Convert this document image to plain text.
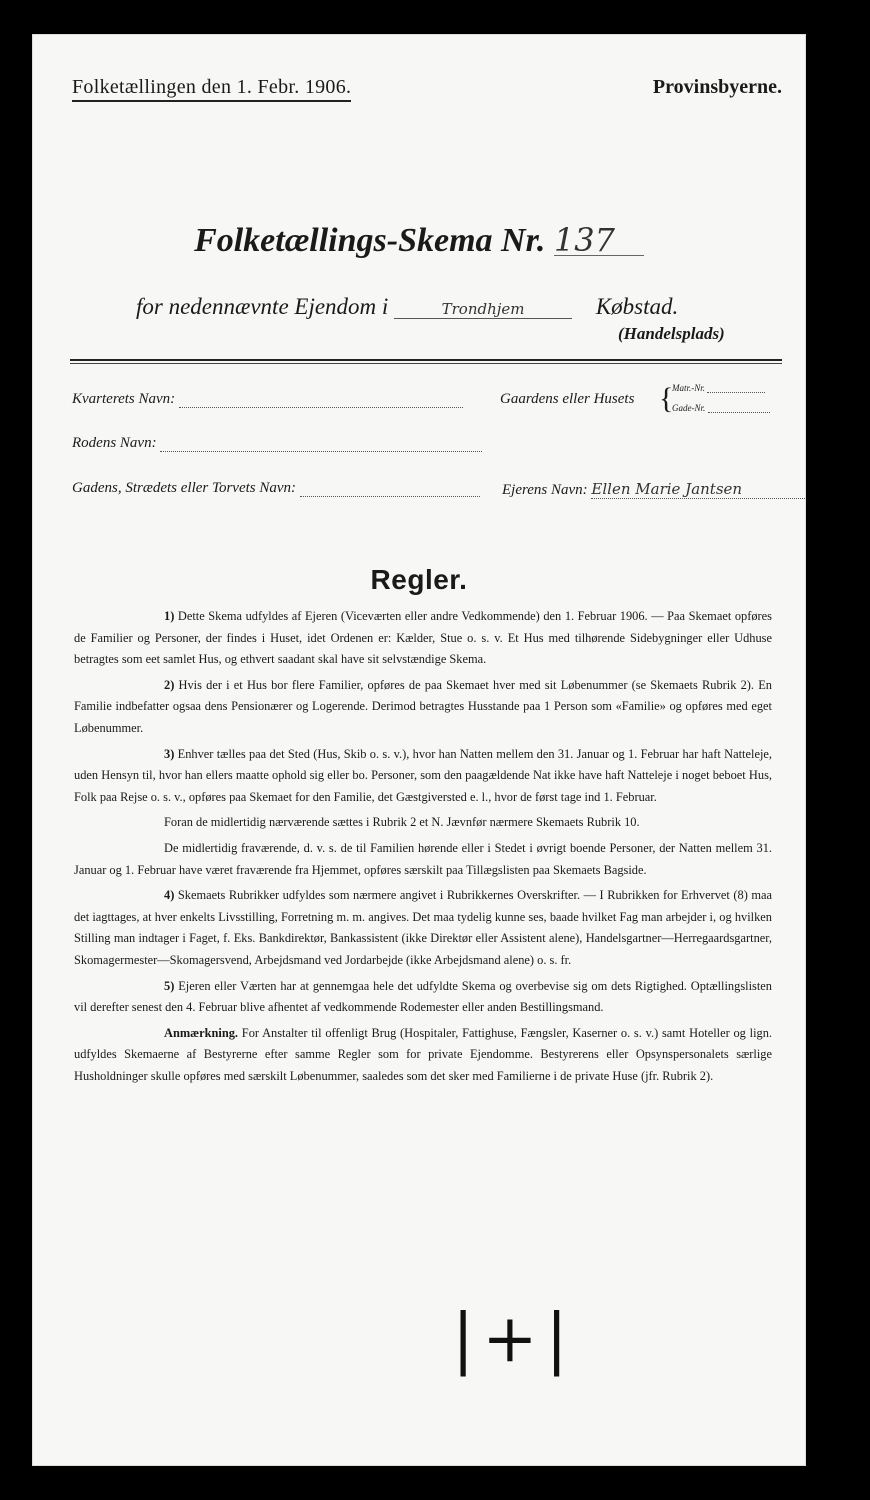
Folketællingen den 1. Febr. 1906.	Provinsbyerne.
Folketællings-Skema Nr. 137
for nedennævnte Ejendom i	Trondhjem	Købstad.
(Handelsplads)
Kvarterets Navn:	Gaardens eller Husets {
Matr.-Nr.
Gade-Nr.
Rodens Navn:
Gadens, Strædets eller Torvets Navn:	Ejerens Navn: Ellen Marie Jantsen
Regler.

1) Dette Skema udfyldes af Ejeren (Viceværten eller andre Vedkommende) den 1. Februar 1906. — Paa Skemaet opføres de Familier og Personer, der findes i Huset, idet Ordenen er: Kælder, Stue o. s. v. Et Hus med tilhørende Sidebygninger eller Udhuse betragtes som eet samlet Hus, og ethvert saadant skal have sit selvstændige Skema.

2) Hvis der i et Hus bor flere Familier, opføres de paa Skemaet hver med sit Løbenummer (se Skemaets Rubrik 2). En Familie indbefatter ogsaa dens Pensionærer og Logerende. Derimod betragtes Husstande paa 1 Person som «Familie» og opføres med eget Løbenummer.

3) Enhver tælles paa det Sted (Hus, Skib o. s. v.), hvor han Natten mellem den 31. Januar og 1. Februar har haft Natteleje, uden Hensyn til, hvor han ellers maatte ophold sig eller bo. Personer, som den paagældende Nat ikke have haft Natteleje i noget beboet Hus, Folk paa Rejse o. s. v., opføres paa Skemaet for den Familie, det Gæstgiversted e. l., hvor de først tage ind 1. Februar.

Foran de midlertidig nærværende sættes i Rubrik 2 et N. Jævnfør nærmere Skemaets Rubrik 10.

De midlertidig fraværende, d. v. s. de til Familien hørende eller i Stedet i øvrigt boende Personer, der Natten mellem 31. Januar og 1. Februar have været fraværende fra Hjemmet, opføres særskilt paa Tillægslisten paa Skemaets Bagside.

4) Skemaets Rubrikker udfyldes som nærmere angivet i Rubrikkernes Overskrifter. — I Rubrikken for Erhvervet (8) maa det iagttages, at hver enkelts Livsstilling, Forretning m. m. angives. Det maa tydelig kunne ses, baade hvilket Fag man arbejder i, og hvilken Stilling man indtager i Faget, f. Eks. Bankdirektør, Bankassistent (ikke Direktør eller Assistent alene), Handelsgartner—Herregaardsgartner, Skomagermester—Skomagersvend, Arbejdsmand ved Jordarbejde (ikke Arbejdsmand alene) o. s. fr.

5) Ejeren eller Værten har at gennemgaa hele det udfyldte Skema og overbevise sig om dets Rigtighed. Optællingslisten vil derefter senest den 4. Februar blive afhentet af vedkommende Rodemester eller anden Bestillingsmand.

Anmærkning. For Anstalter til offenligt Brug (Hospitaler, Fattighuse, Fængsler, Kaserner o. s. v.) samt Hoteller og lign. udfyldes Skemaerne af Bestyrerne efter samme Regler som for private Ejendomme. Bestyrerens eller Opsynspersonalets særlige Husholdninger skulle opføres med særskilt Løbenummer, saaledes som det sker med Familierne i de private Huse (jfr. Rubrik 2).

|+|
